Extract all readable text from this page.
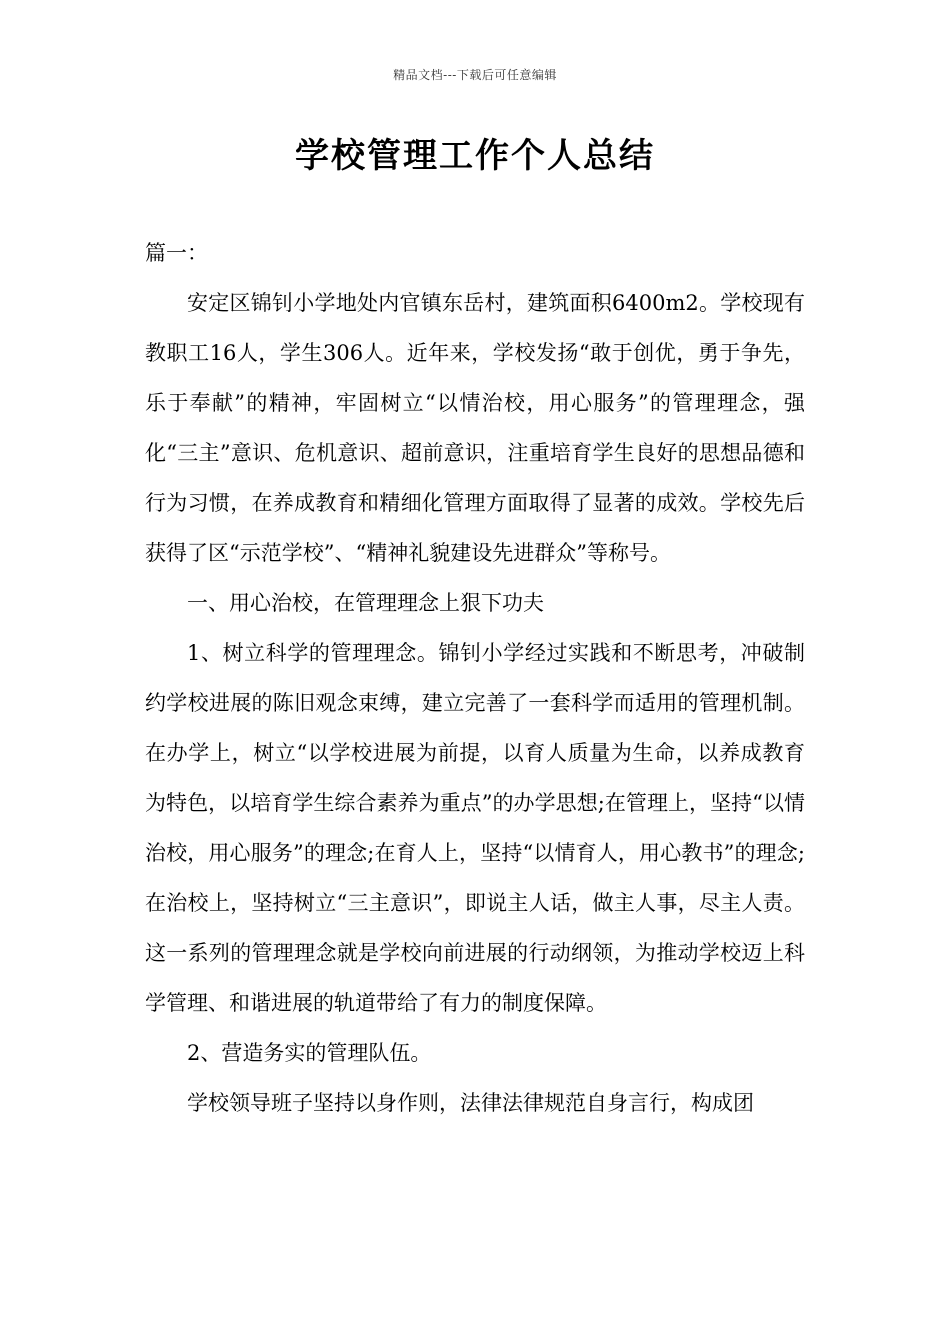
精品文档---下载后可任意编辑
学校管理工作个人总结

篇一：

安定区锦钊小学地处内官镇东岳村，建筑面积6400m2。学校现有教职工16人，学生306人。近年来，学校发扬“敢于创优，勇于争先，乐于奉献”的精神，牢固树立“以情治校，用心服务”的管理理念，强化“三主”意识、危机意识、超前意识，注重培育学生良好的思想品德和行为习惯，在养成教育和精细化管理方面取得了显著的成效。学校先后获得了区“示范学校”、“精神礼貌建设先进群众”等称号。

一、用心治校，在管理理念上狠下功夫

1、树立科学的管理理念。锦钊小学经过实践和不断思考，冲破制约学校进展的陈旧观念束缚，建立完善了一套科学而适用的管理机制。在办学上，树立“以学校进展为前提，以育人质量为生命，以养成教育为特色，以培育学生综合素养为重点”的办学思想;在管理上，坚持“以情治校，用心服务”的理念;在育人上，坚持“以情育人，用心教书”的理念;在治校上，坚持树立“三主意识”，即说主人话，做主人事，尽主人责。这一系列的管理理念就是学校向前进展的行动纲领，为推动学校迈上科学管理、和谐进展的轨道带给了有力的制度保障。

2、营造务实的管理队伍。

学校领导班子坚持以身作则，法律法律规范自身言行，构成团
